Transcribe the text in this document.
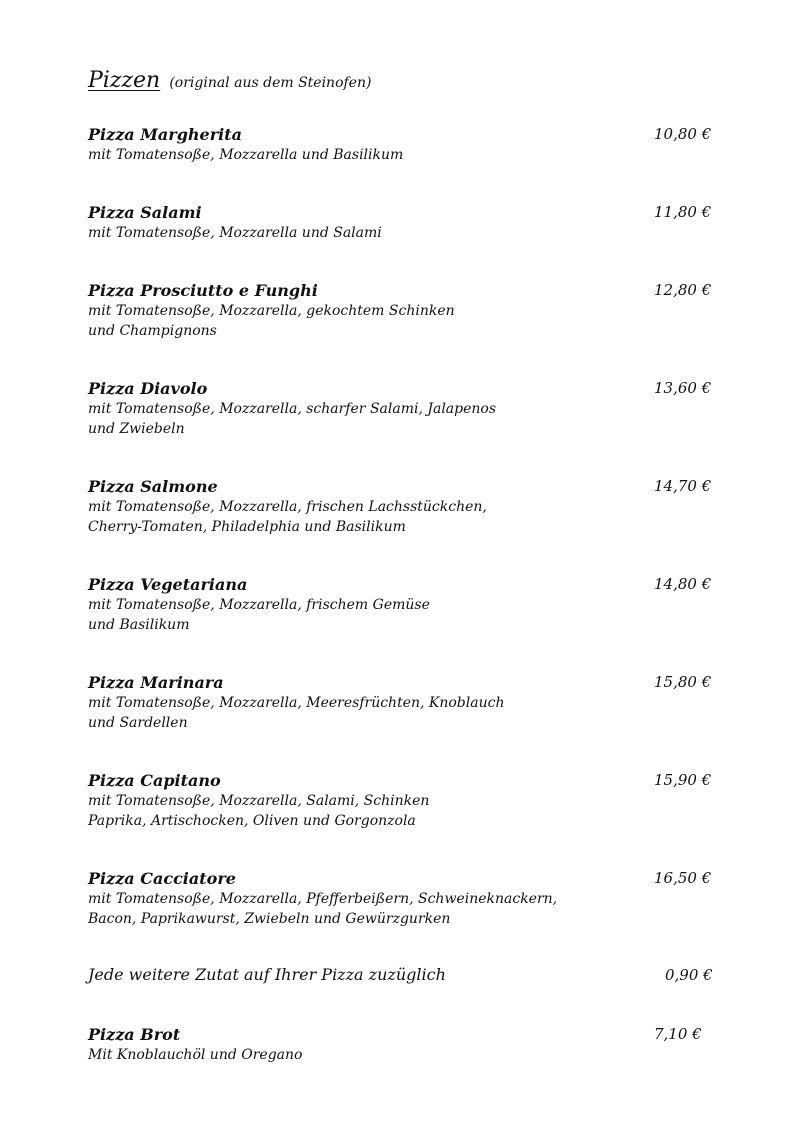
Pizzen (original aus dem Steinofen)
Pizza Margherita	10,80 €
mit Tomatensoße, Mozzarella und Basilikum
Pizza Salami	11,80 €
mit Tomatensoße, Mozzarella und Salami
Pizza Prosciutto e Funghi	12,80 €
mit Tomatensoße, Mozzarella, gekochtem Schinken
und Champignons
Pizza Diavolo	13,60 €
mit Tomatensoße, Mozzarella, scharfer Salami, Jalapenos
und Zwiebeln
Pizza Salmone	14,70 €
mit Tomatensoße, Mozzarella, frischen Lachsstückchen,
Cherry-Tomaten, Philadelphia und Basilikum
Pizza Vegetariana	14,80 €
mit Tomatensoße, Mozzarella, frischem Gemüse
und Basilikum
Pizza Marinara	15,80 €
mit Tomatensoße, Mozzarella, Meeresfrüchten, Knoblauch
und Sardellen
Pizza Capitano	15,90 €
mit Tomatensoße, Mozzarella, Salami, Schinken
Paprika, Artischocken, Oliven und Gorgonzola
Pizza Cacciatore	16,50 €
mit Tomatensoße, Mozzarella, Pfefferbeißern, Schweineknackern,
Bacon, Paprikawurst, Zwiebeln und Gewürzgurken
Jede weitere Zutat auf Ihrer Pizza zuzüglich	0,90 €
Pizza Brot	7,10 €
Mit Knoblauchöl und Oregano
